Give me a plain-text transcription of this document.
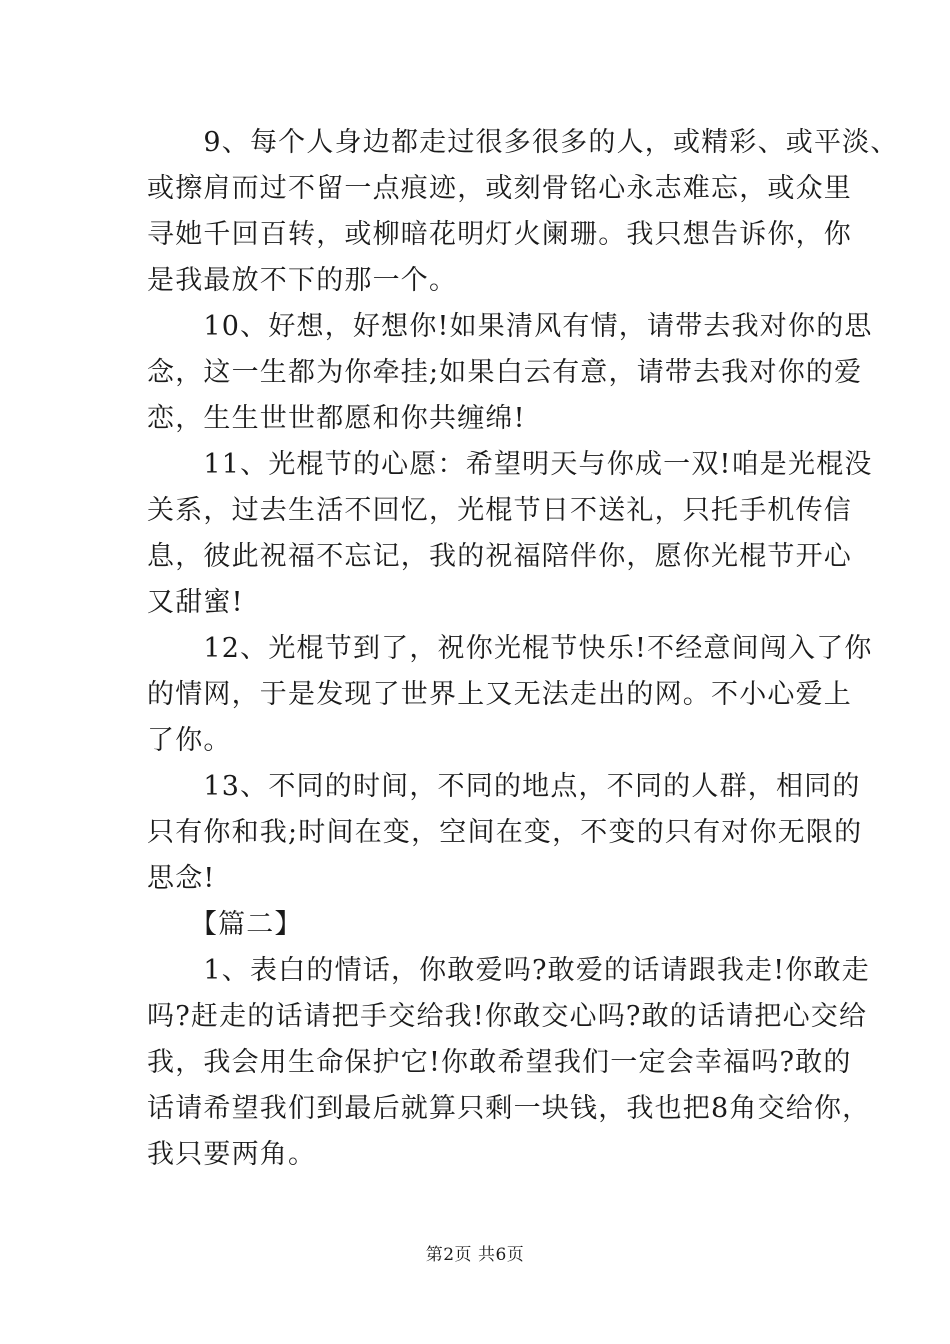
　　9、每个人身边都走过很多很多的人，或精彩、或平淡、
或擦肩而过不留一点痕迹，或刻骨铭心永志难忘，或众里
寻她千回百转，或柳暗花明灯火阑珊。我只想告诉你，你
是我最放不下的那一个。
　　10、好想，好想你!如果清风有情，请带去我对你的思
念，这一生都为你牵挂;如果白云有意，请带去我对你的爱
恋，生生世世都愿和你共缠绵!
　　11、光棍节的心愿：希望明天与你成一双!咱是光棍没
关系，过去生活不回忆，光棍节日不送礼，只托手机传信
息，彼此祝福不忘记，我的祝福陪伴你，愿你光棍节开心
又甜蜜!
　　12、光棍节到了，祝你光棍节快乐!不经意间闯入了你
的情网，于是发现了世界上又无法走出的网。不小心爱上
了你。
　　13、不同的时间，不同的地点，不同的人群，相同的
只有你和我;时间在变，空间在变，不变的只有对你无限的
思念!
　　【篇二】
　　1、表白的情话，你敢爱吗?敢爱的话请跟我走!你敢走
吗?赶走的话请把手交给我!你敢交心吗?敢的话请把心交给
我，我会用生命保护它!你敢希望我们一定会幸福吗?敢的
话请希望我们到最后就算只剩一块钱，我也把8角交给你，
我只要两角。
第2页 共6页
